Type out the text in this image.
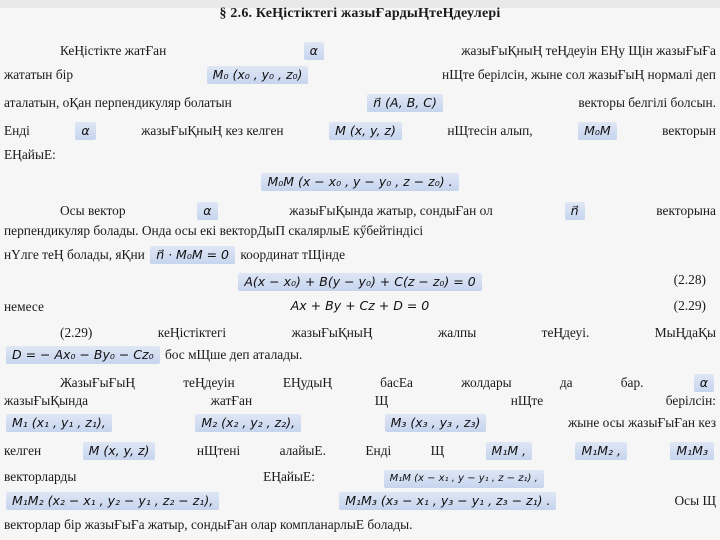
§ 2.6. КеҢістіктегі жазыҒардыҢтеҢдеулері
КеҢістікте жатҒан	α	жазыҒыҚныҢ теҢдеуін ЕҢу Щін жазыҒыҒа
жататын бір	M₀ (x₀ , y₀ , z₀)	нЩте берілсін, жыне сол жазыҒыҢ нормалі деп
аталатын, оҚан перпендикуляр болатын	n⃗ (A, B, C)	векторы белгілі болсын.
Енді	α	жазыҒыҚныҢ кез келген	M (x, y, z)	нЩтесін алып,	M₀M	векторын
ЕҢайыЕ:
M₀M (x − x₀ , y − y₀ , z − z₀) .
Осы вектор	α	жазыҒыҚында жатыр, сондыҒан ол	n⃗	векторына
перпендикуляр болады. Онда осы екі векторДыП скалярлыЕ кӳбейтіндісі
нҮлге теҢ болады, яҚни n⃗ · M₀M = 0 координат тЩінде
A(x − x₀) + B(y − y₀) + C(z − z₀) = 0	(2.28)
немесе	Ax + By + Cz + D = 0	(2.29)
(2.29)	кеҢістіктегі	жазыҒыҚныҢ	жалпы	теҢдеуі.	МыҢдаҚы
D = − Ax₀ − By₀ − Cz₀ бос мЩше деп аталады.
ЖазыҒыҒыҢ	теҢдеуін	ЕҢудыҢ	басЕа	жолдары	да	бар.	α
жазыҒыҚында	жатҒан	Щ	нЩте	берілсін:
M₁ (x₁ , y₁ , z₁),	M₂ (x₂ , y₂ , z₂),	M₃ (x₃ , y₃ , z₃)	жыне осы жазыҒыҒан кез
келген	M (x, y, z)	нЩтені	алайыЕ.	Енді	Щ	M₁M ,	M₁M₂ ,	M₁M₃
векторларды	ЕҢайыЕ:	M₁M (x − x₁ , y − y₁ , z − z₁) ,
M₁M₂ (x₂ − x₁ , y₂ − y₁ , z₂ − z₁),	M₁M₃ (x₃ − x₁ , y₃ − y₁ , z₃ − z₁) .	Осы Щ
векторлар бір жазыҒыҒа жатыр, сондыҒан олар компланарлыЕ болады.
